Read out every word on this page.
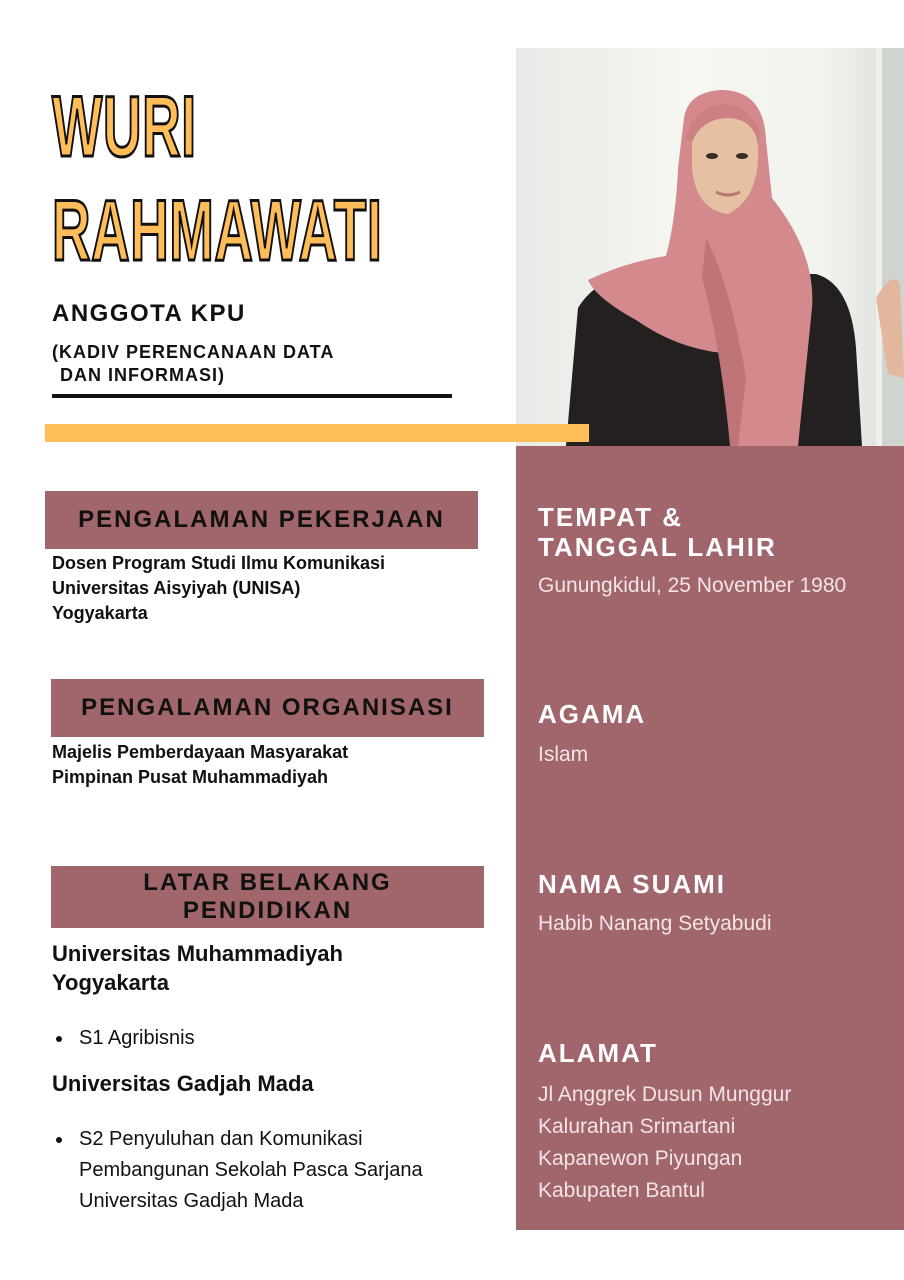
WURI
RAHMAWATI
ANGGOTA KPU
(KADIV PERENCANAAN DATA
DAN INFORMASI)
TEMPAT &
TANGGAL LAHIR
Gunungkidul, 25 November 1980
AGAMA
Islam
NAMA SUAMI
Habib Nanang Setyabudi
ALAMAT
Jl Anggrek Dusun Munggur
Kalurahan Srimartani
Kapanewon Piyungan
Kabupaten Bantul
PENGALAMAN PEKERJAAN
Dosen Program Studi Ilmu Komunikasi
Universitas Aisyiyah (UNISA)
Yogyakarta
PENGALAMAN ORGANISASI
Majelis Pemberdayaan Masyarakat
Pimpinan Pusat Muhammadiyah
LATAR BELAKANG
PENDIDIKAN
Universitas Muhammadiyah
Yogyakarta
S1 Agribisnis
Universitas Gadjah Mada
S2 Penyuluhan dan Komunikasi
Pembangunan Sekolah Pasca Sarjana
Universitas Gadjah Mada
